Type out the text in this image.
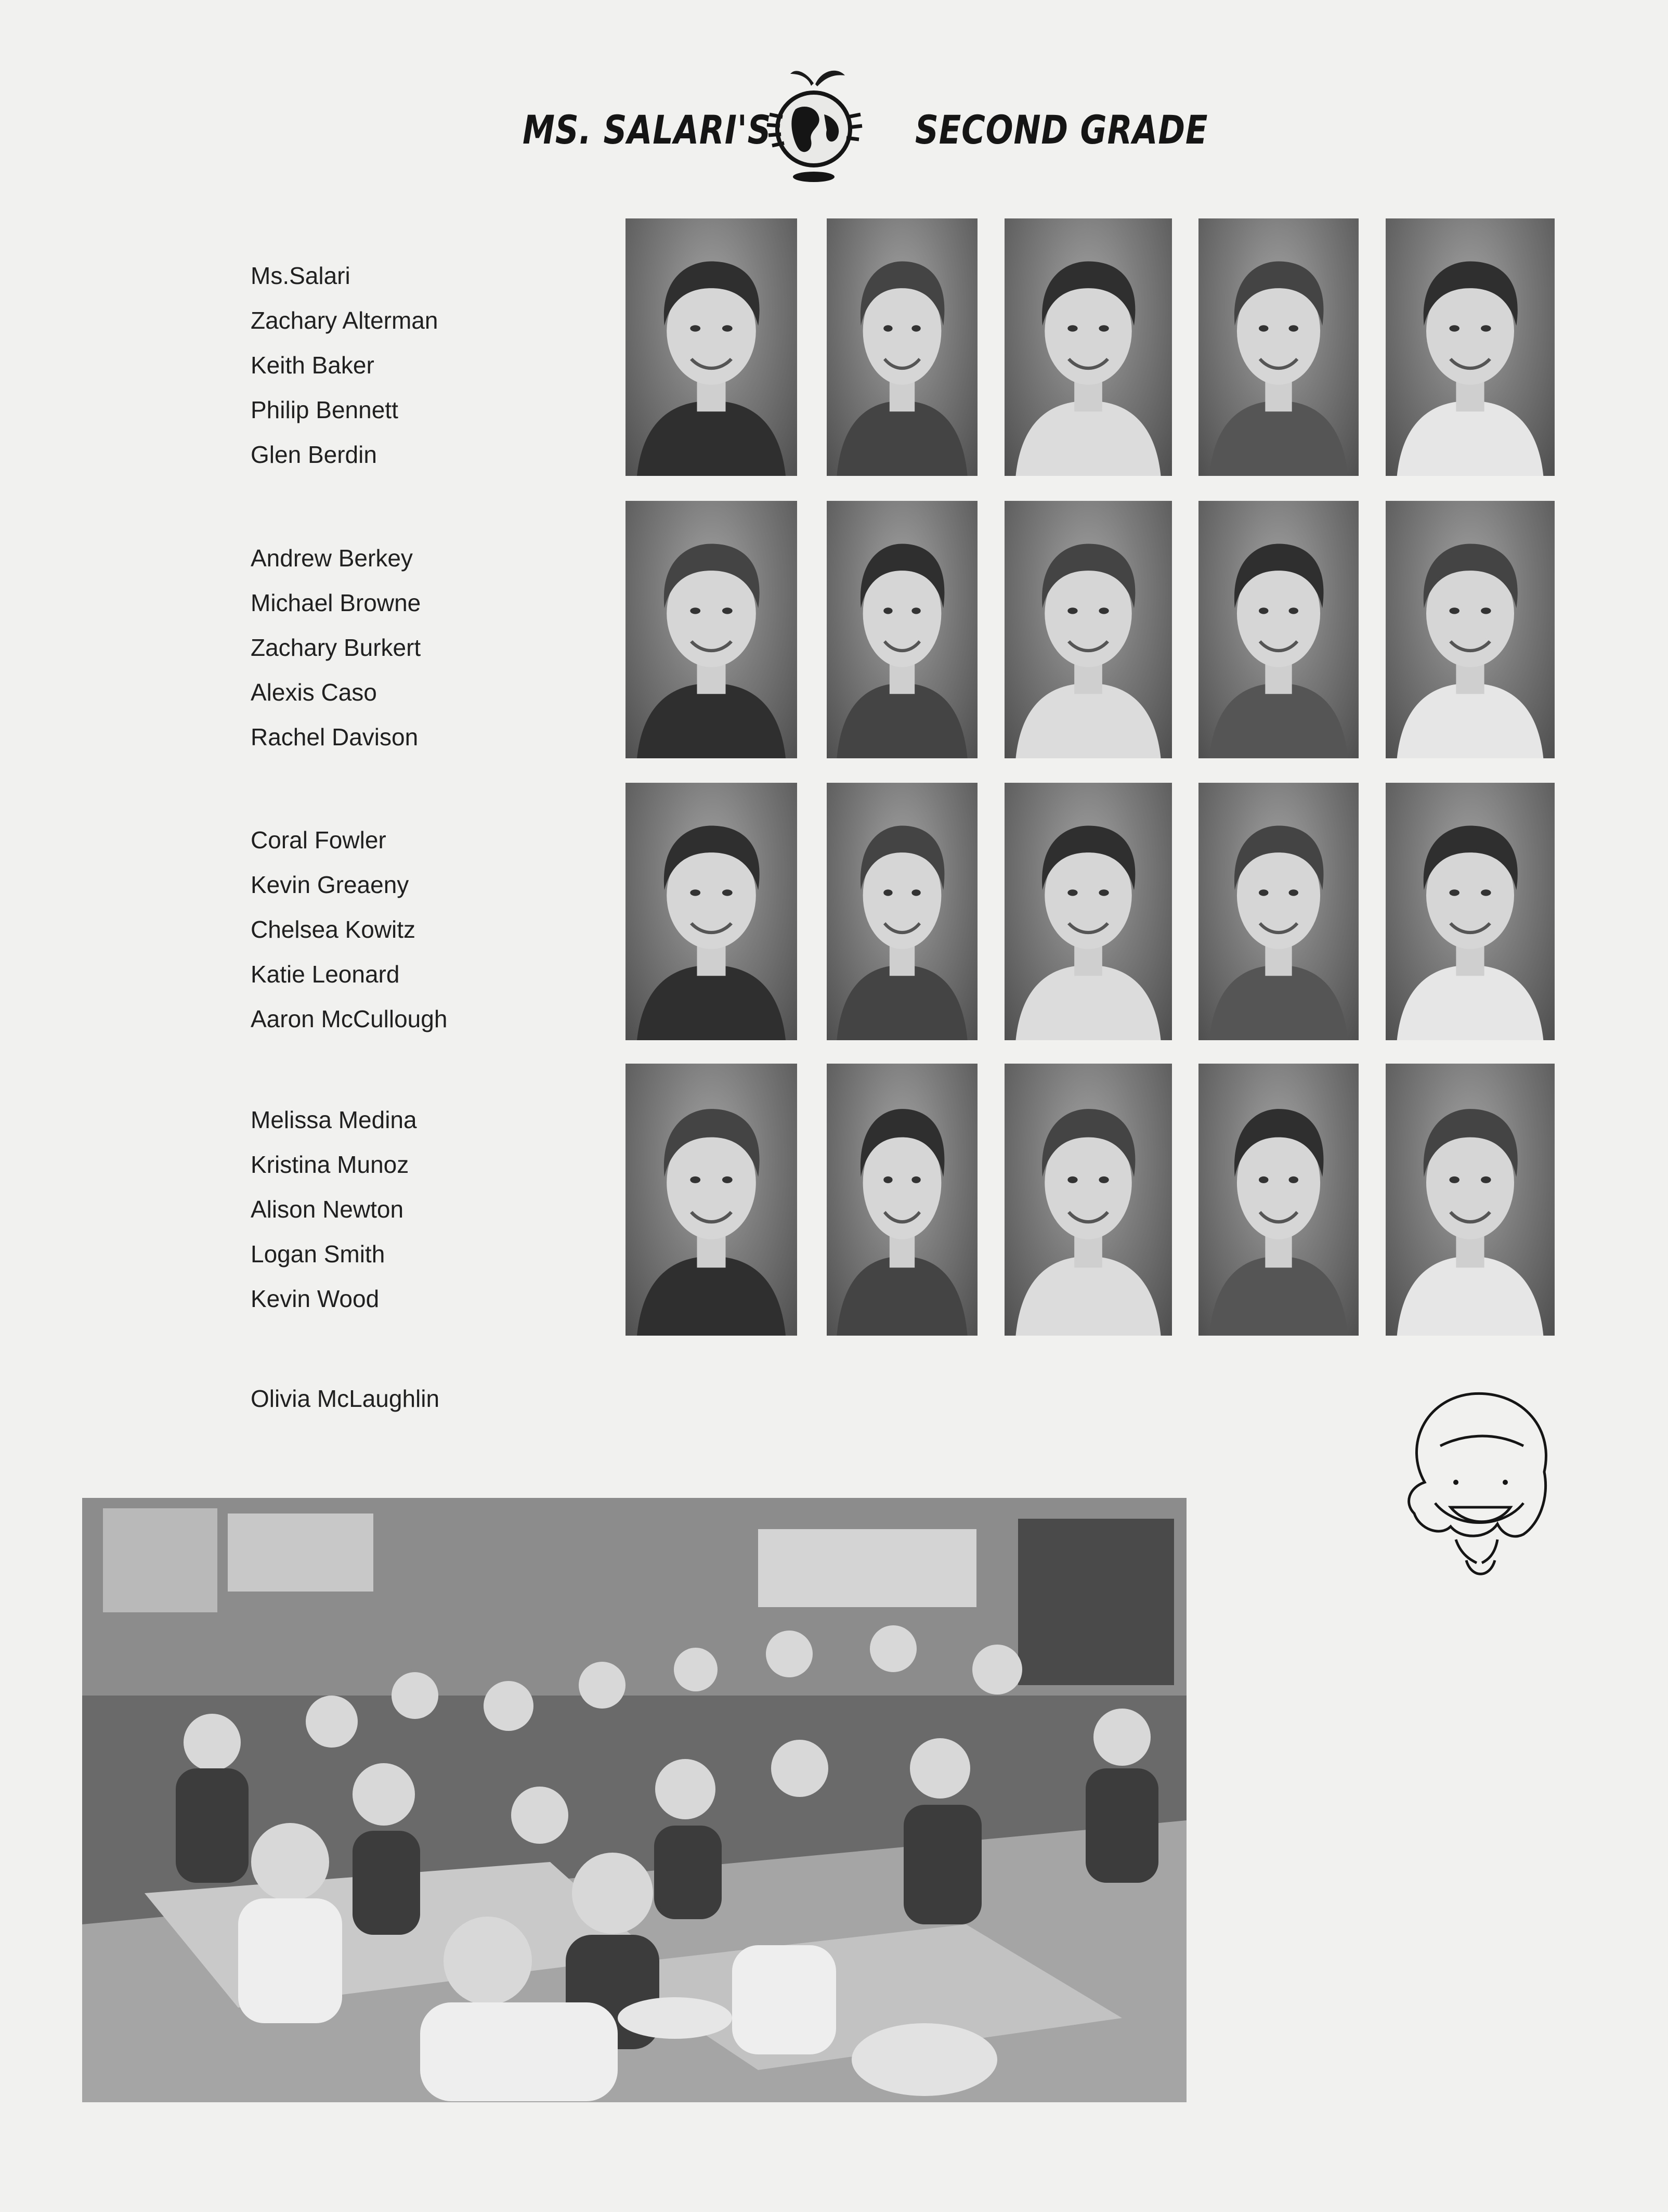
MS. SALARI'S	SECOND GRADE
Ms.Salari
Zachary Alterman
Keith Baker
Philip Bennett
Glen Berdin
Andrew Berkey
Michael Browne
Zachary Burkert
Alexis Caso
Rachel Davison
Coral Fowler
Kevin Greaeny
Chelsea Kowitz
Katie Leonard
Aaron McCullough
Melissa Medina
Kristina Munoz
Alison Newton
Logan Smith
Kevin Wood
Olivia McLaughlin
